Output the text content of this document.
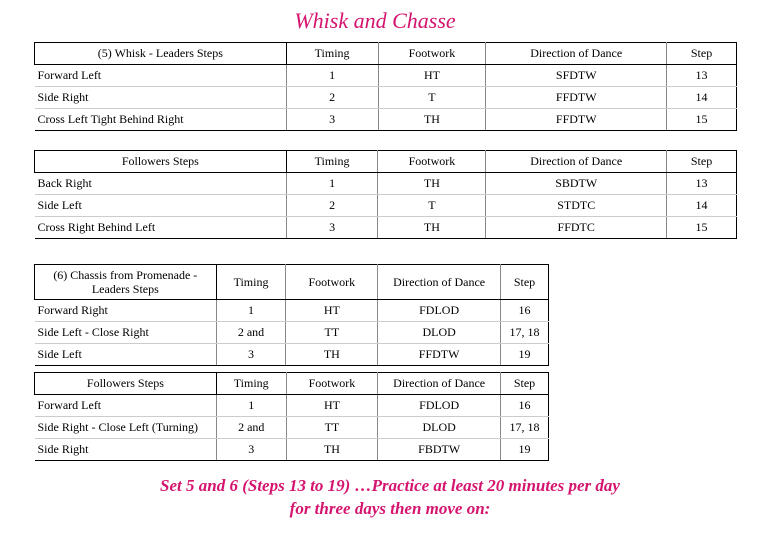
Whisk and Chasse
(5) Whisk - Leaders Steps	Timing	Footwork	Direction of Dance	Step
Forward Left	1	HT	SFDTW	13
Side Right	2	T	FFDTW	14
Cross Left Tight Behind Right	3	TH	FFDTW	15
Followers Steps	Timing	Footwork	Direction of Dance	Step
Back Right	1	TH	SBDTW	13
Side Left	2	T	STDTC	14
Cross Right Behind Left	3	TH	FFDTC	15
(6) Chassis from Promenade - Leaders Steps	Timing	Footwork	Direction of Dance	Step
Forward Right	1	HT	FDLOD	16
Side Left - Close Right	2 and	TT	DLOD	17, 18
Side Left	3	TH	FFDTW	19
Followers Steps	Timing	Footwork	Direction of Dance	Step
Forward Left	1	HT	FDLOD	16
Side Right - Close Left (Turning)	2 and	TT	DLOD	17, 18
Side Right	3	TH	FBDTW	19
Set 5 and 6 (Steps 13 to 19) …Practice at least 20 minutes per day
for three days then move on:
